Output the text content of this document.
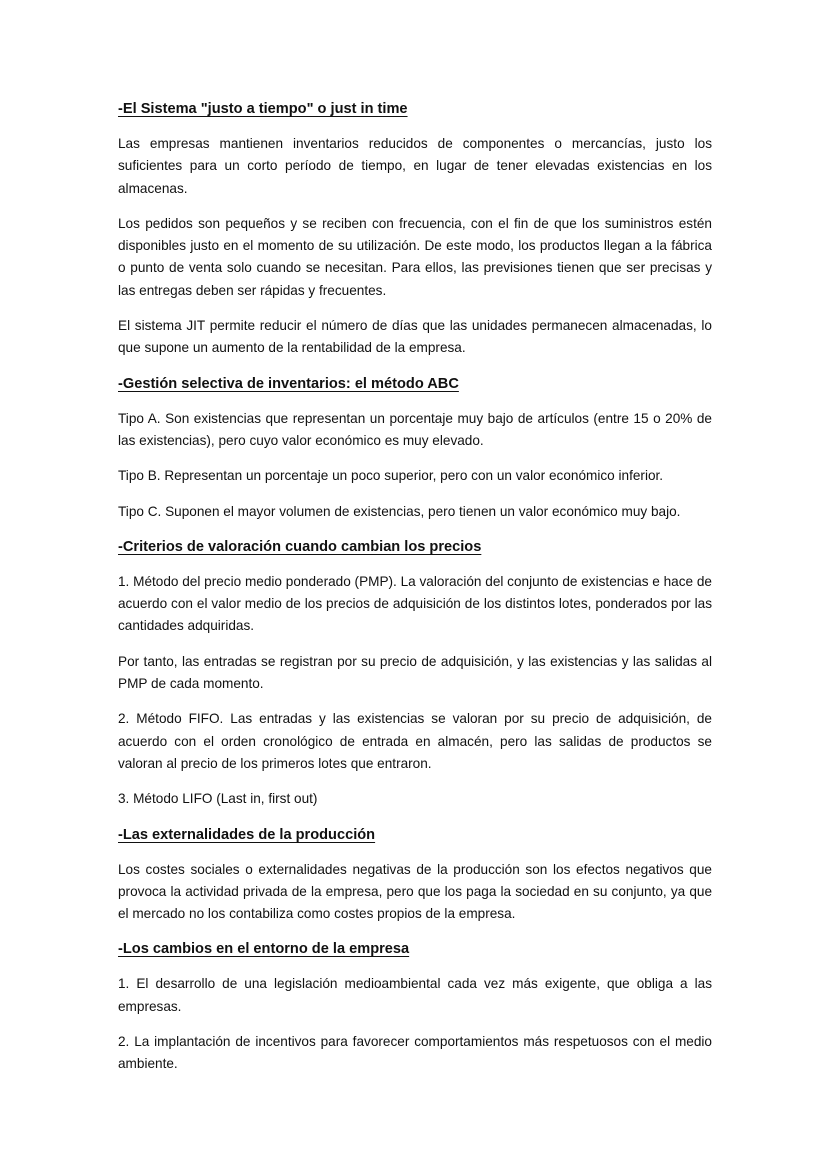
-El Sistema "justo a tiempo" o just in time

Las empresas mantienen inventarios reducidos de componentes o mercancías, justo los suficientes para un corto período de tiempo, en lugar de tener elevadas existencias en los almacenas.

Los pedidos son pequeños y se reciben con frecuencia, con el fin de que los suministros estén disponibles justo en el momento de su utilización. De este modo, los productos llegan a la fábrica o punto de venta solo cuando se necesitan. Para ellos, las previsiones tienen que ser precisas y las entregas deben ser rápidas y frecuentes.

El sistema JIT permite reducir el número de días que las unidades permanecen almacenadas, lo que supone un aumento de la rentabilidad de la empresa.

-Gestión selectiva de inventarios: el método ABC

Tipo A. Son existencias que representan un porcentaje muy bajo de artículos (entre 15 o 20% de las existencias), pero cuyo valor económico es muy elevado.

Tipo B. Representan un porcentaje un poco superior, pero con un valor económico inferior.

Tipo C. Suponen el mayor volumen de existencias, pero tienen un valor económico muy bajo.

-Criterios de valoración cuando cambian los precios

1. Método del precio medio ponderado (PMP). La valoración del conjunto de existencias e hace de acuerdo con el valor medio de los precios de adquisición de los distintos lotes, ponderados por las cantidades adquiridas.

Por tanto, las entradas se registran por su precio de adquisición, y las existencias y las salidas al PMP de cada momento.

2. Método FIFO. Las entradas y las existencias se valoran por su precio de adquisición, de acuerdo con el orden cronológico de entrada en almacén, pero las salidas de productos se valoran al precio de los primeros lotes que entraron.

3. Método LIFO (Last in, first out)

-Las externalidades de la producción

Los costes sociales o externalidades negativas de la producción son los efectos negativos que provoca la actividad privada de la empresa, pero que los paga la sociedad en su conjunto, ya que el mercado no los contabiliza como costes propios de la empresa.

-Los cambios en el entorno de la empresa

1. El desarrollo de una legislación medioambiental cada vez más exigente, que obliga a las empresas.

2. La implantación de incentivos para favorecer comportamientos más respetuosos con el medio ambiente.
